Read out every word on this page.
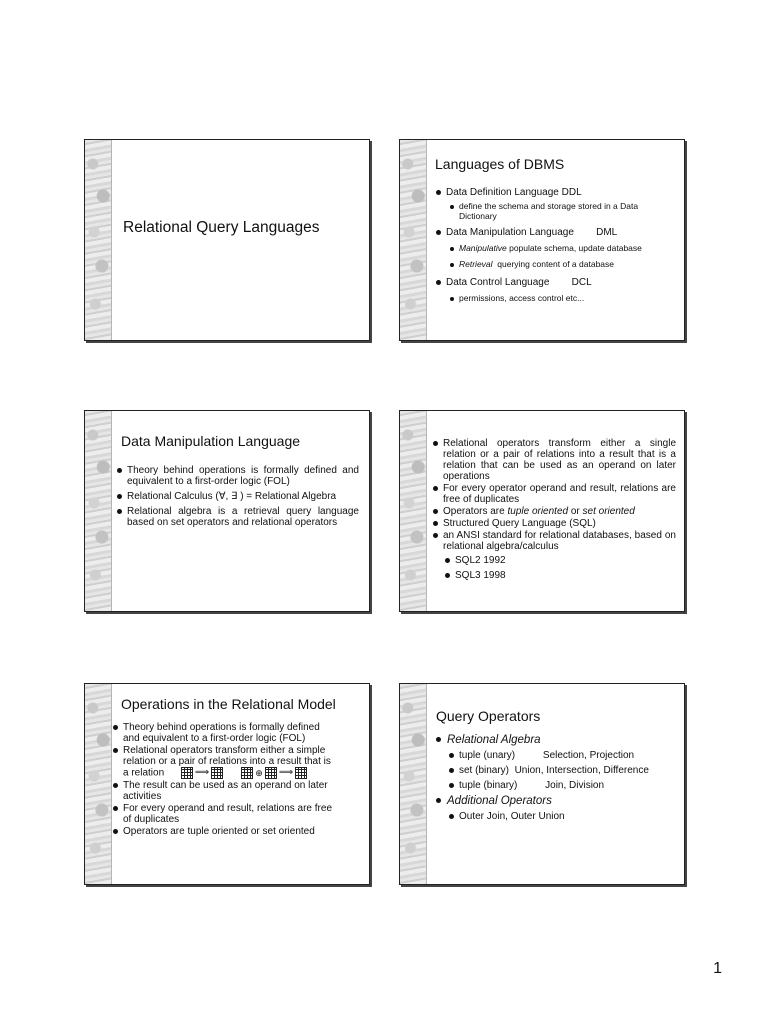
Relational Query Languages
Languages of DBMS
Data Definition Language DDL
define the schema and storage stored in a Data Dictionary
Data Manipulation Language        DML
Manipulative populate schema, update database
Retrieval  querying content of a database
Data Control Language        DCL
permissions, access control etc...
Data Manipulation Language
Theory behind operations is formally defined and equivalent to a first-order logic (FOL)
Relational Calculus (∀, ∃ ) = Relational Algebra
Relational algebra is a retrieval query language based on set operators and relational operators
Relational operators transform either a single relation or a pair of relations into a result that is a relation that can be used as an operand on later operations
For every operator operand and result, relations are free of duplicates
Operators are tuple oriented or set oriented
Structured Query Language (SQL)
an ANSI standard for relational databases, based on relational algebra/calculus
SQL2 1992
SQL3 1998
Operations in the Relational Model
Theory behind operations is formally defined and equivalent to a first-order logic (FOL)
Relational operators transform either a simple relation or a pair of relations into a result that is a relation	⟹	⊕ ⟹
The result can be used as an operand on later activities
For every operand and result, relations are free of duplicates
Operators are tuple oriented or set oriented
Query Operators
Relational Algebra
tuple (unary)          Selection, Projection
set (binary)  Union, Intersection, Difference
tuple (binary)          Join, Division
Additional Operators
Outer Join, Outer Union
1
